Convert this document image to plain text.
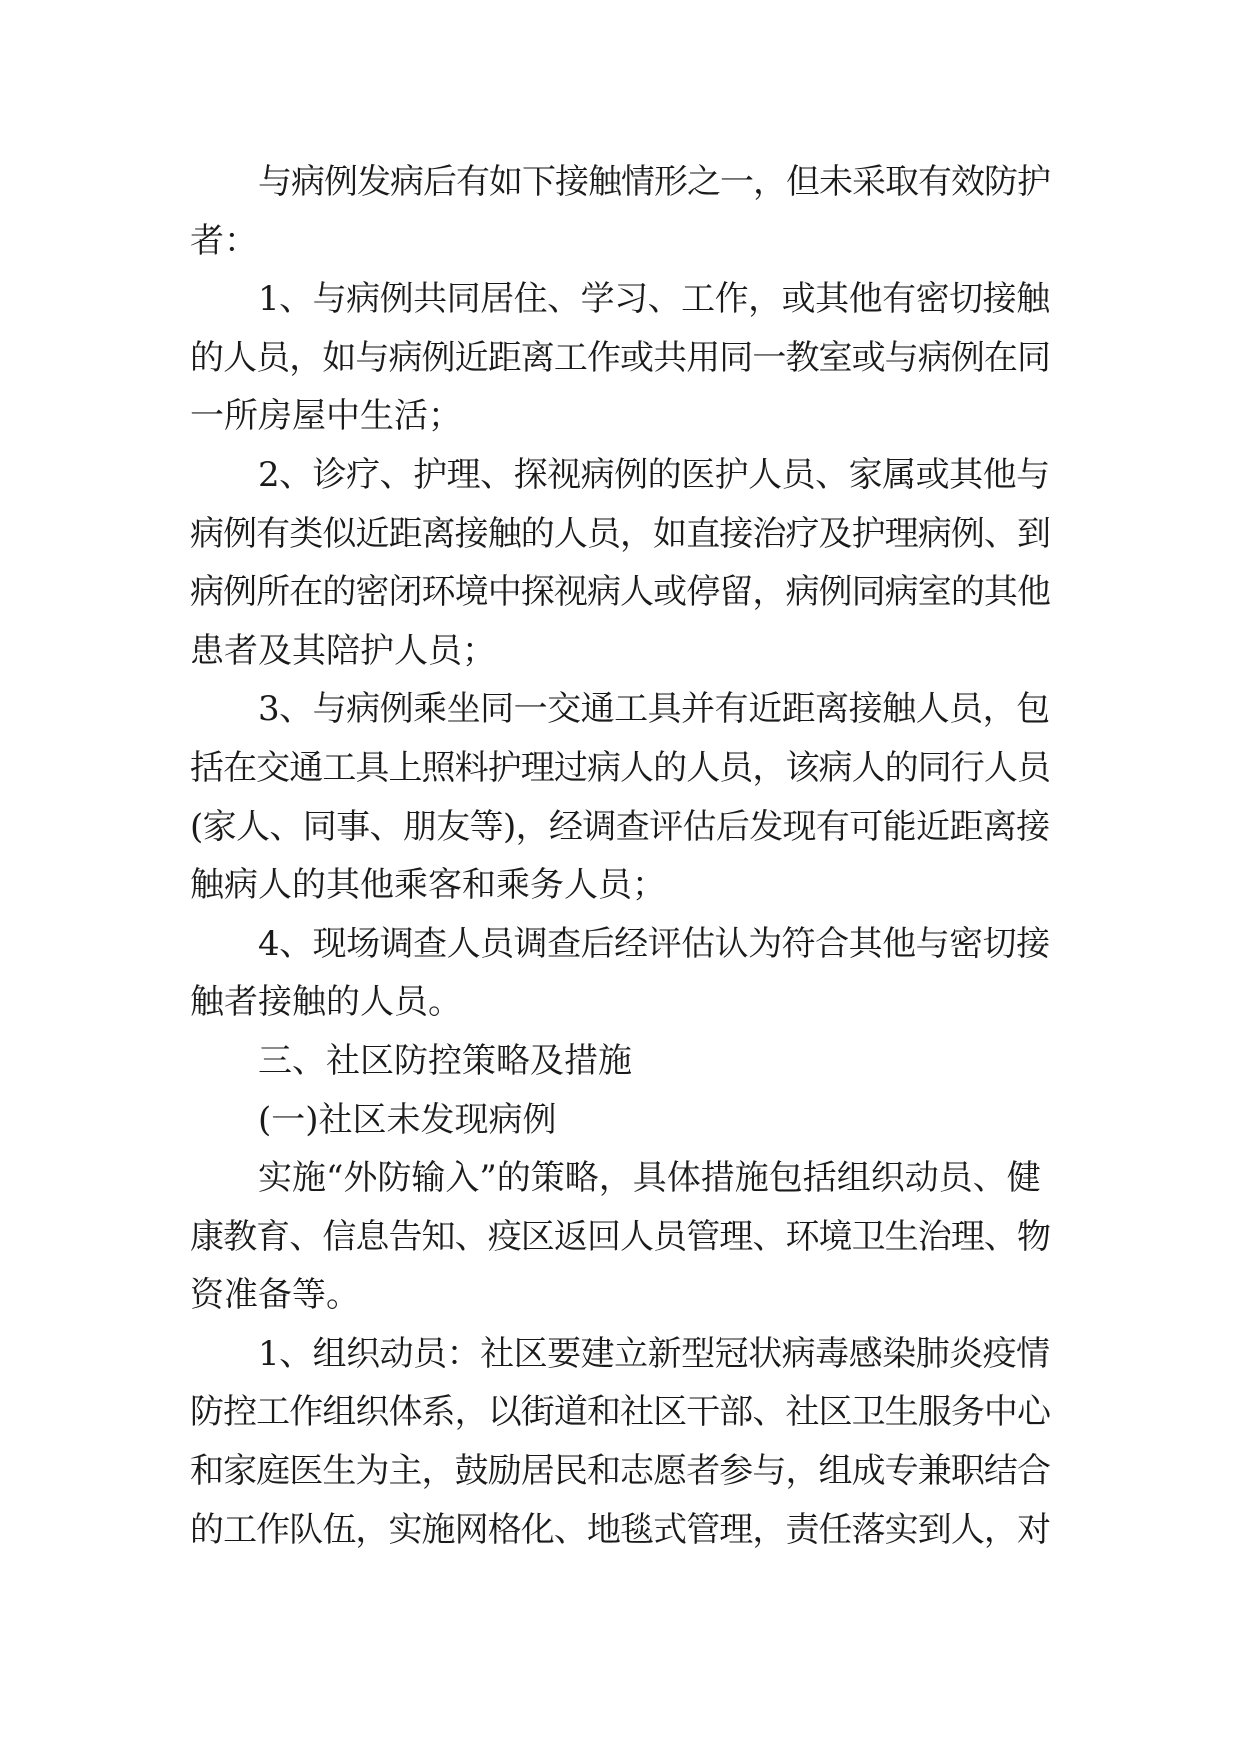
与病例发病后有如下接触情形之一，但未采取有效防护
者：
1、与病例共同居住、学习、工作，或其他有密切接触
的人员，如与病例近距离工作或共用同一教室或与病例在同
一所房屋中生活；
2、诊疗、护理、探视病例的医护人员、家属或其他与
病例有类似近距离接触的人员，如直接治疗及护理病例、到
病例所在的密闭环境中探视病人或停留，病例同病室的其他
患者及其陪护人员；
3、与病例乘坐同一交通工具并有近距离接触人员，包
括在交通工具上照料护理过病人的人员，该病人的同行人员
(家人、同事、朋友等)，经调查评估后发现有可能近距离接
触病人的其他乘客和乘务人员；
4、现场调查人员调查后经评估认为符合其他与密切接
触者接触的人员。
三、社区防控策略及措施
(一)社区未发现病例
实施“外防输入”的策略，具体措施包括组织动员、健
康教育、信息告知、疫区返回人员管理、环境卫生治理、物
资准备等。
1、组织动员：社区要建立新型冠状病毒感染肺炎疫情
防控工作组织体系，以街道和社区干部、社区卫生服务中心
和家庭医生为主，鼓励居民和志愿者参与，组成专兼职结合
的工作队伍，实施网格化、地毯式管理，责任落实到人，对
